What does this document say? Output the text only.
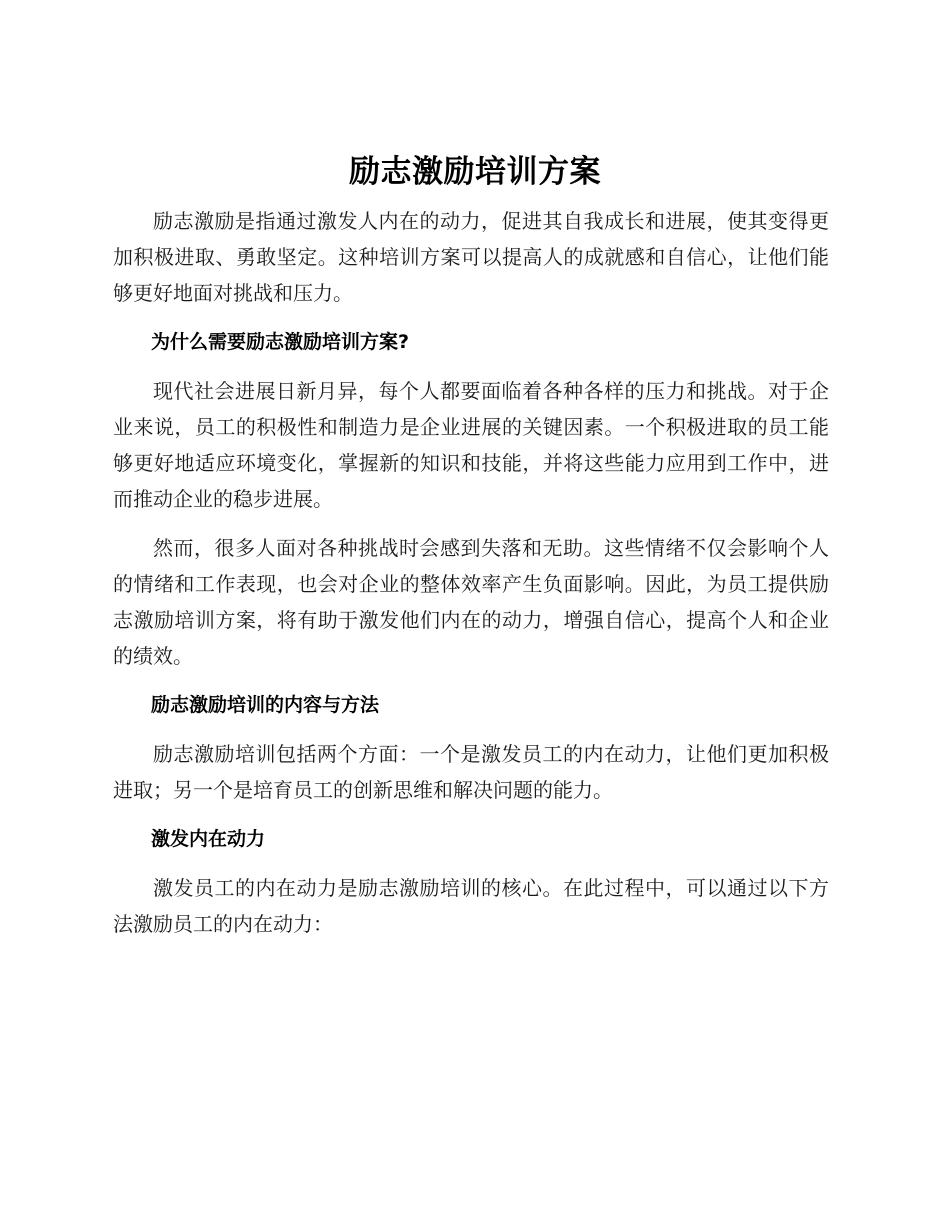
励志激励培训方案

励志激励是指通过激发人内在的动力，促进其自我成长和进展，使其变得更加积极进取、勇敢坚定。这种培训方案可以提高人的成就感和自信心，让他们能够更好地面对挑战和压力。

为什么需要励志激励培训方案?

现代社会进展日新月异，每个人都要面临着各种各样的压力和挑战。对于企业来说，员工的积极性和制造力是企业进展的关键因素。一个积极进取的员工能够更好地适应环境变化，掌握新的知识和技能，并将这些能力应用到工作中，进而推动企业的稳步进展。

然而，很多人面对各种挑战时会感到失落和无助。这些情绪不仅会影响个人的情绪和工作表现，也会对企业的整体效率产生负面影响。因此，为员工提供励志激励培训方案，将有助于激发他们内在的动力，增强自信心，提高个人和企业的绩效。

励志激励培训的内容与方法

励志激励培训包括两个方面：一个是激发员工的内在动力，让他们更加积极进取；另一个是培育员工的创新思维和解决问题的能力。

激发内在动力

激发员工的内在动力是励志激励培训的核心。在此过程中，可以通过以下方法激励员工的内在动力：
